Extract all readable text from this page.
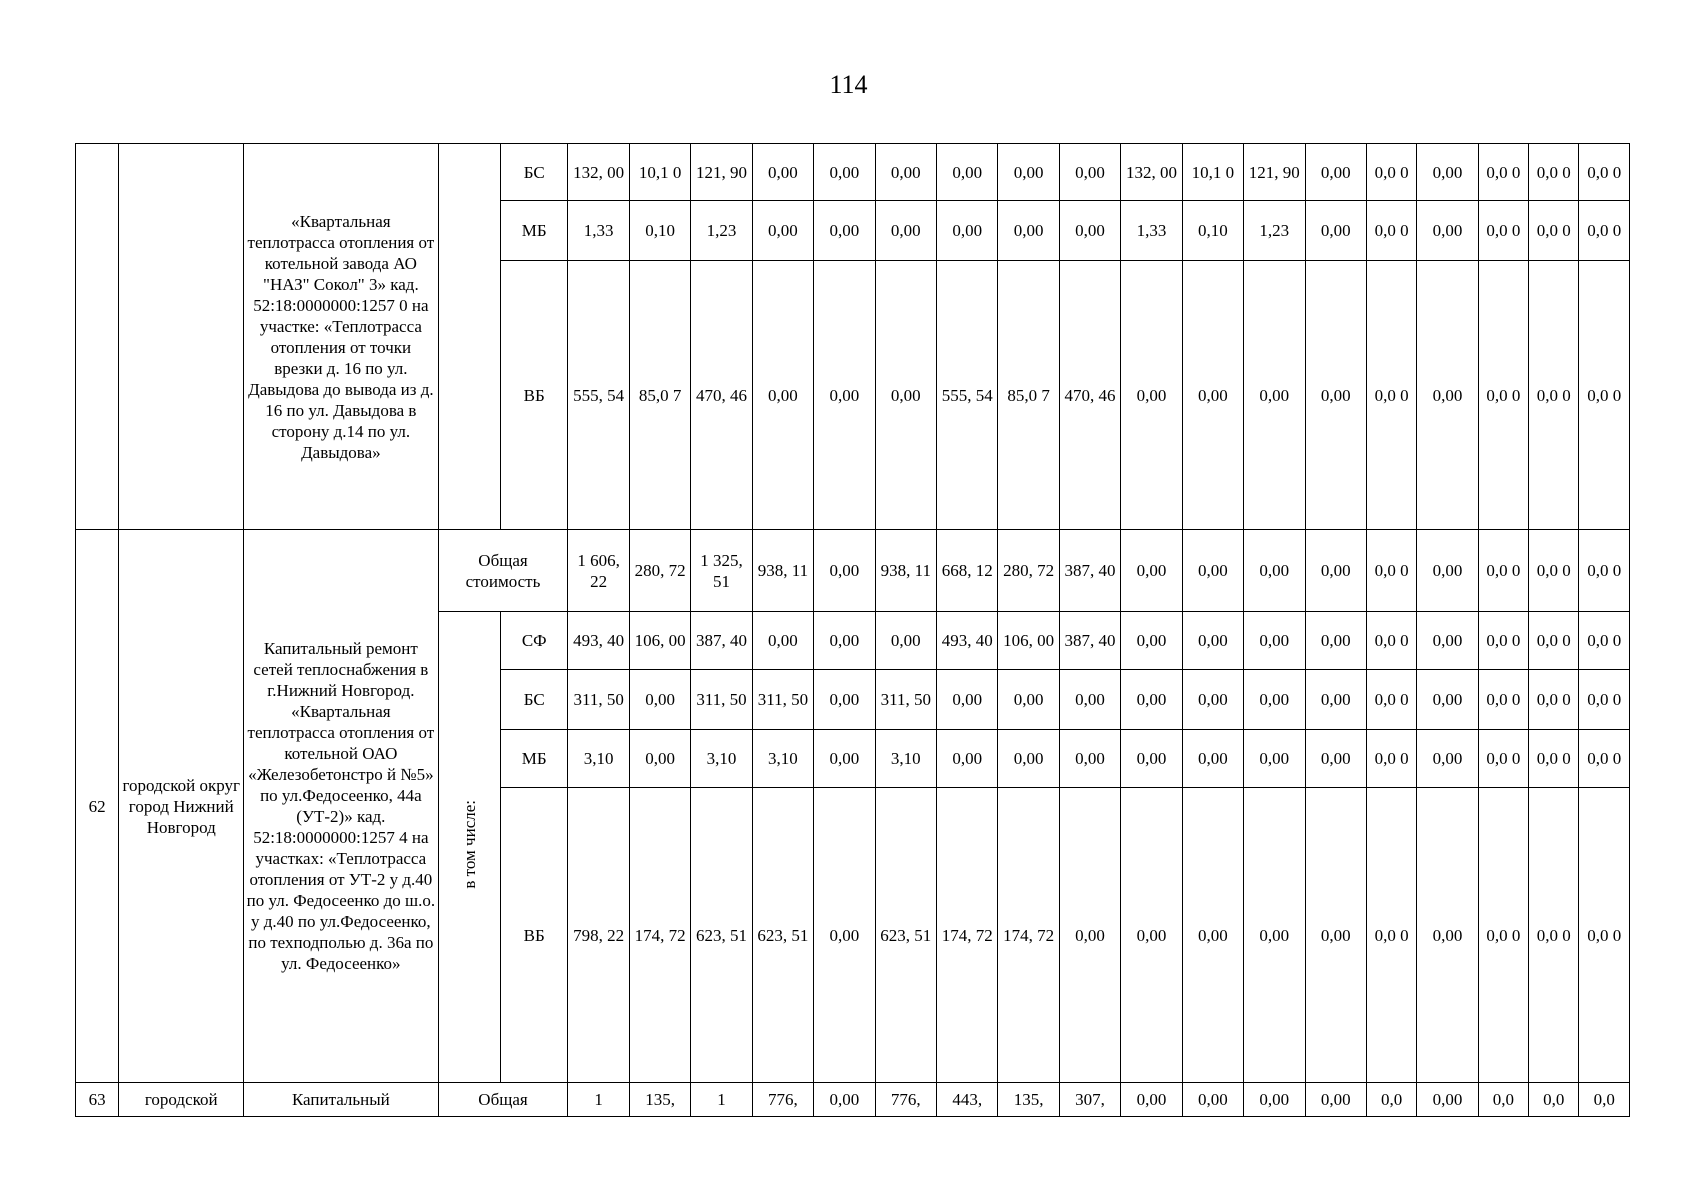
114
		«Квартальная теплотрасса отопления от котельной завода АО "НАЗ" Сокол" 3» кад. 52:18:0000000:1257 0 на участке: «Теплотрасса отопления от точки врезки д. 16 по ул. Давыдова до вывода из д. 16 по ул. Давыдова в сторону д.14 по ул. Давыдова»		БС	132, 00	10,1 0	121, 90	0,00	0,00	0,00	0,00	0,00	0,00	132, 00	10,1 0	121, 90	0,00	0,0 0	0,00	0,0 0	0,0 0	0,0 0
				МБ	1,33	0,10	1,23	0,00	0,00	0,00	0,00	0,00	0,00	1,33	0,10	1,23	0,00	0,0 0	0,00	0,0 0	0,0 0	0,0 0
				ВБ	555, 54	85,0 7	470, 46	0,00	0,00	0,00	555, 54	85,0 7	470, 46	0,00	0,00	0,00	0,00	0,0 0	0,00	0,0 0	0,0 0	0,0 0
62	городской округ город Нижний Новгород	Капитальный ремонт сетей теплоснабжения в г.Нижний Новгород. «Квартальная теплотрасса отопления от котельной ОАО «Железобетонстро й №5» по ул.Федосеенко, 44а (УТ-2)» кад. 52:18:0000000:1257 4 на участках: «Теплотрасса отопления от УТ-2 у д.40 по ул. Федосеенко до ш.о. у д.40 по ул.Федосеенко, по техподполью д. 36а по ул. Федосеенко»	Общая стоимость		1 606, 22	280, 72	1 325, 51	938, 11	0,00	938, 11	668, 12	280, 72	387, 40	0,00	0,00	0,00	0,00	0,0 0	0,00	0,0 0	0,0 0	0,0 0
			в том числе:	СФ	493, 40	106, 00	387, 40	0,00	0,00	0,00	493, 40	106, 00	387, 40	0,00	0,00	0,00	0,00	0,0 0	0,00	0,0 0	0,0 0	0,0 0
				БС	311, 50	0,00	311, 50	311, 50	0,00	311, 50	0,00	0,00	0,00	0,00	0,00	0,00	0,00	0,0 0	0,00	0,0 0	0,0 0	0,0 0
				МБ	3,10	0,00	3,10	3,10	0,00	3,10	0,00	0,00	0,00	0,00	0,00	0,00	0,00	0,0 0	0,00	0,0 0	0,0 0	0,0 0
				ВБ	798, 22	174, 72	623, 51	623, 51	0,00	623, 51	174, 72	174, 72	0,00	0,00	0,00	0,00	0,00	0,0 0	0,00	0,0 0	0,0 0	0,0 0
63	городской	Капитальный	Общая		1	135,	1	776,	0,00	776,	443,	135,	307,	0,00	0,00	0,00	0,00	0,0	0,00	0,0	0,0	0,0
